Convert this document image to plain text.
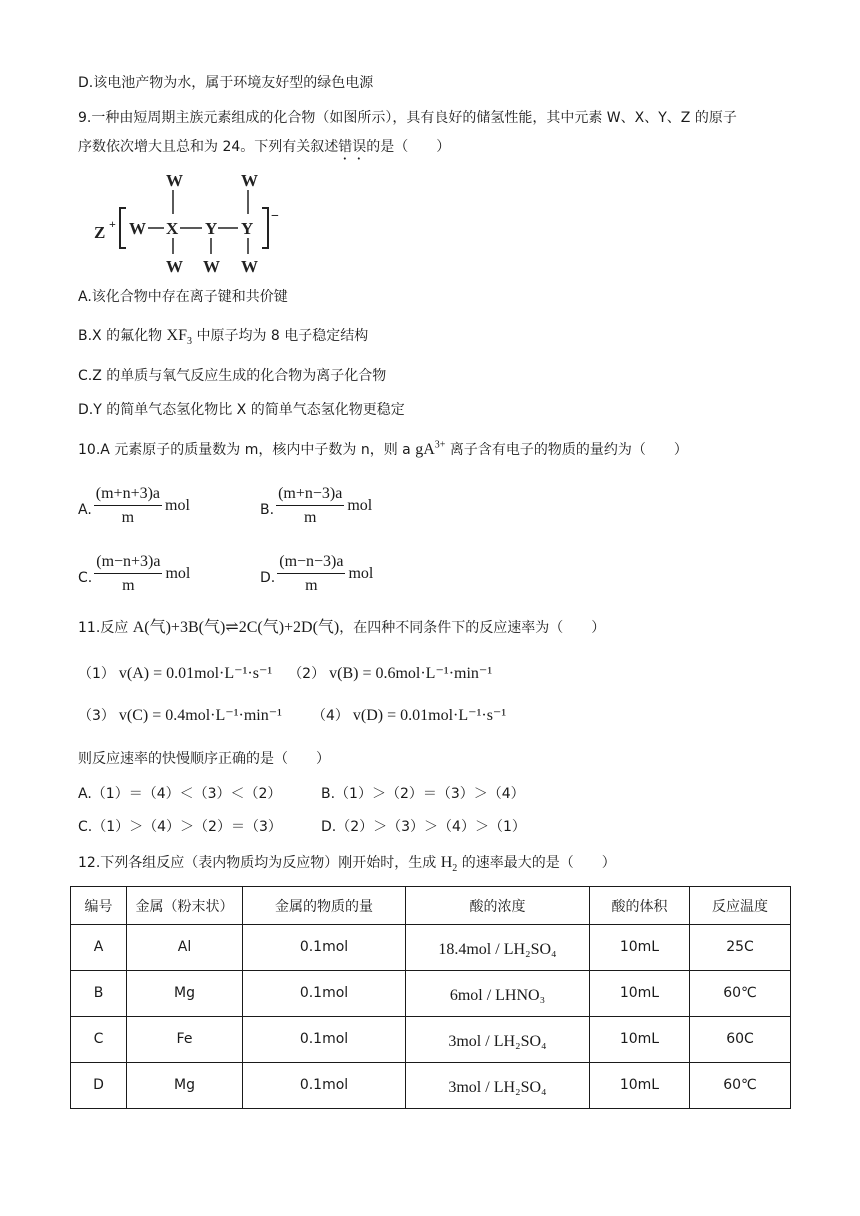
D.该电池产物为水，属于环境友好型的绿色电源
9.一种由短周期主族元素组成的化合物（如图所示），具有良好的储氢性能，其中元素 W、X、Y、Z 的原子
序数依次增大且总和为 24。下列有关叙述错误的是（　　）
Z +	−
W X Y Y
W
W W
W
W
A.该化合物中存在离子键和共价键
B.X 的氟化物 $XF_3$ 中原子均为 8 电子稳定结构
C.Z 的单质与氧气反应生成的化合物为离子化合物
D.Y 的简单气态氢化物比 X 的简单气态氢化物更稳定
10.A 元素原子的质量数为 m，核内中子数为 n，则 a $gA^{3+}$ 离子含有电子的物质的量约为（　　）
A. $\frac{(m+n+3)a}{m}$ mol	B. $\frac{(m+n-3)a}{m}$ mol
C. $\frac{(m-n+3)a}{m}$ mol	D. $\frac{(m-n-3)a}{m}$ mol
11.反应 A(气)+3B(气)⇌2C(气)+2D(气)，在四种不同条件下的反应速率为（　　）
（1） v(A) = 0.01mol·L⁻¹·s⁻¹ （2） v(B) = 0.6mol·L⁻¹·min⁻¹
（3） v(C) = 0.4mol·L⁻¹·min⁻¹ （4） v(D) = 0.01mol·L⁻¹·s⁻¹
则反应速率的快慢顺序正确的是（　　）
A.（1）＝（4）＜（3）＜（2）	B.（1）＞（2）＝（3）＞（4）
C.（1）＞（4）＞（2）＝（3）	D.（2）＞（3）＞（4）＞（1）
12.下列各组反应（表内物质均为反应物）刚开始时，生成 $H_2$ 的速率最大的是（　　）
编号	金属（粉末状）	金属的物质的量	酸的浓度	酸的体积	反应温度
A	Al	0.1mol	18.4mol / LH₂SO₄	10mL	25C
B	Mg	0.1mol	6mol / LHNO₃	10mL	60℃
C	Fe	0.1mol	3mol / LH₂SO₄	10mL	60C
D	Mg	0.1mol	3mol / LH₂SO₄	10mL	60℃
